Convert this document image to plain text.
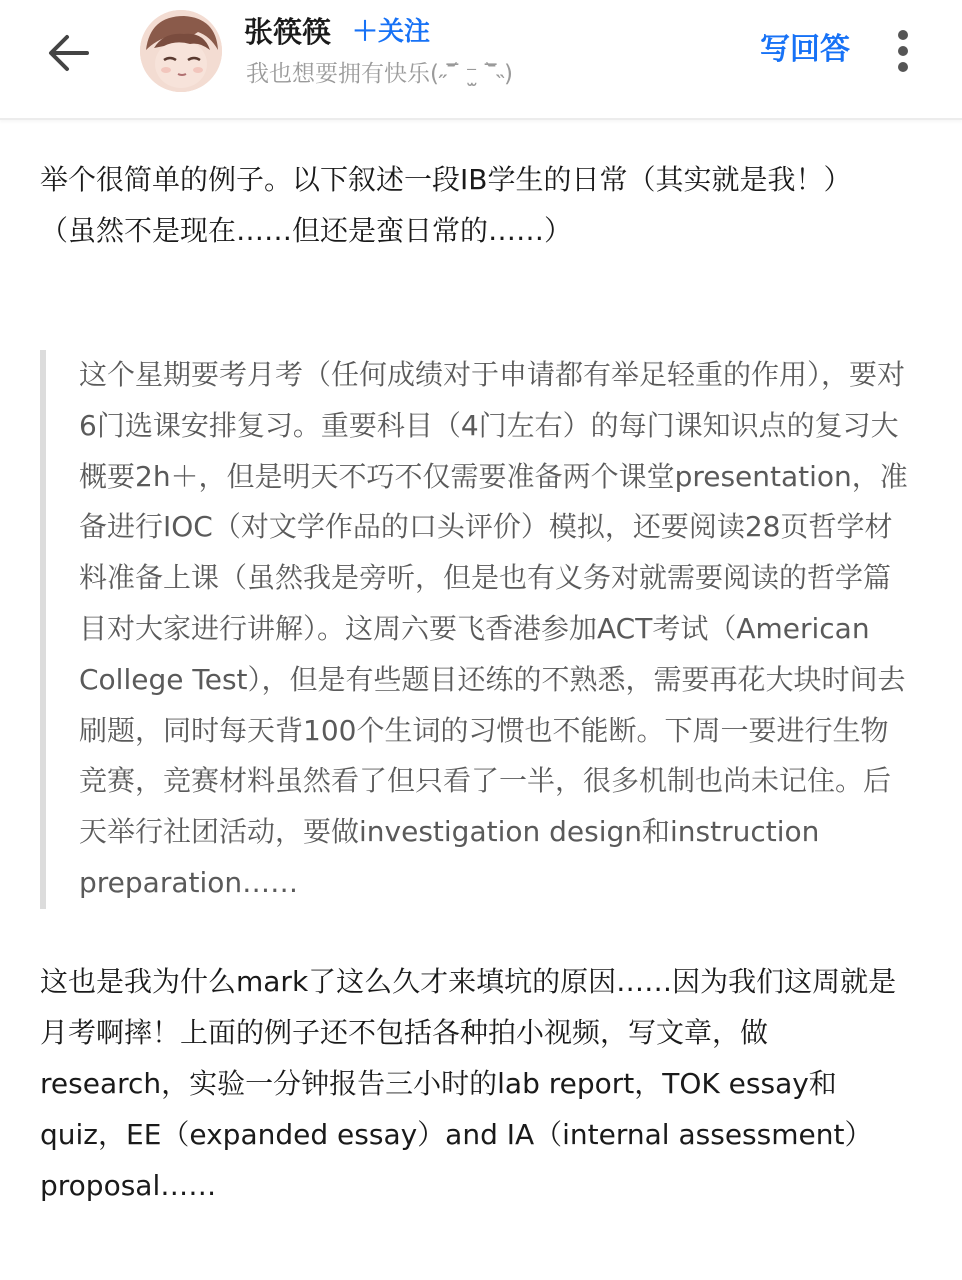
张筷筷 ＋关注
我也想要拥有快乐(˶‾᷄ ⁻̫ ‾᷅˵)
写回答

举个很简单的例子。以下叙述一段IB学生的日常（其实就是我！）
（虽然不是现在……但还是蛮日常的……）

这个星期要考月考（任何成绩对于申请都有举足轻重的作用），要对6门选课安排复习。重要科目（4门左右）的每门课知识点的复习大概要2h＋，但是明天不巧不仅需要准备两个课堂presentation，准备进行IOC（对文学作品的口头评价）模拟，还要阅读28页哲学材料准备上课（虽然我是旁听，但是也有义务对就需要阅读的哲学篇目对大家进行讲解）。这周六要飞香港参加ACT考试（American College Test），但是有些题目还练的不熟悉，需要再花大块时间去刷题，同时每天背100个生词的习惯也不能断。下周一要进行生物竞赛，竞赛材料虽然看了但只看了一半，很多机制也尚未记住。后天举行社团活动，要做investigation design和instruction preparation……

这也是我为什么mark了这么久才来填坑的原因……因为我们这周就是月考啊摔！上面的例子还不包括各种拍小视频，写文章，做research，实验一分钟报告三小时的lab report，TOK essay和quiz，EE（expanded essay）and IA（internal assessment）proposal……
